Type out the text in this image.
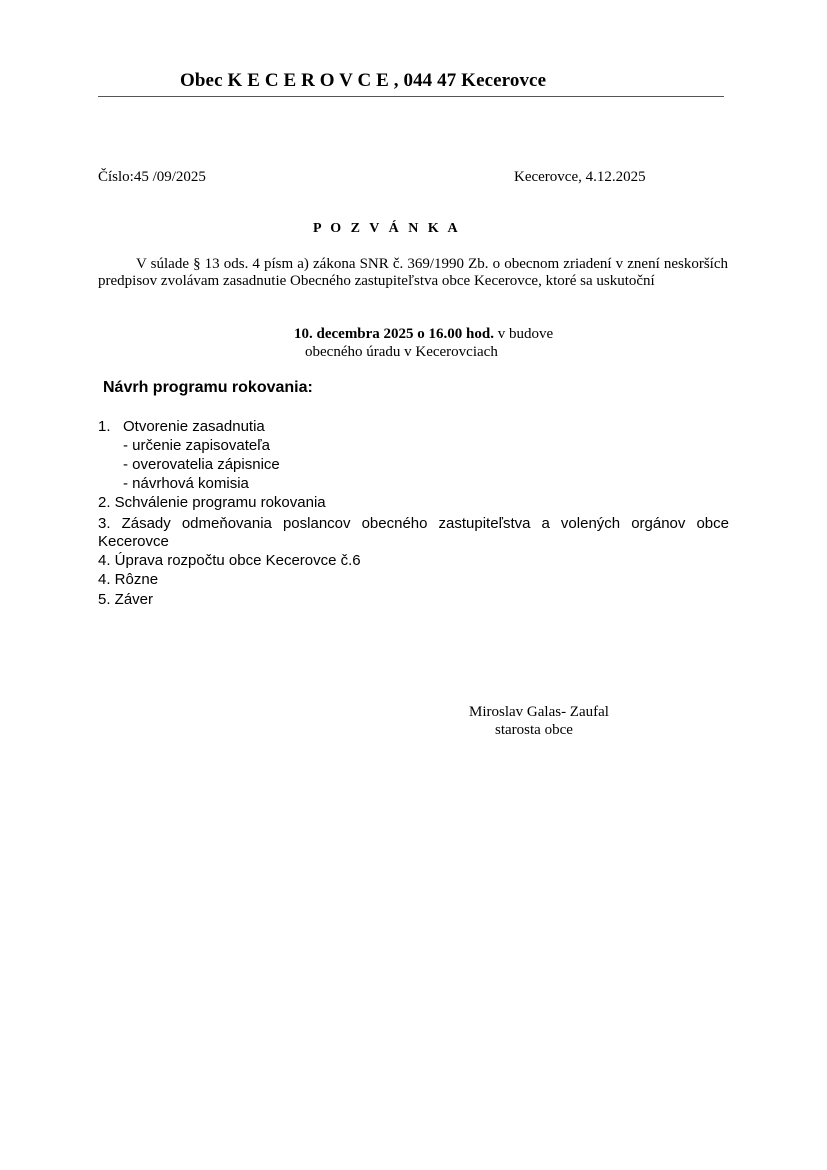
Obec K E C E R O V C E , 044 47 Kecerovce
Číslo:45 /09/2025	Kecerovce, 4.12.2025
P O Z V Á N K A
V súlade § 13 ods. 4 písm a) zákona SNR č. 369/1990 Zb. o obecnom zriadení v znení neskorších predpisov zvolávam zasadnutie Obecného zastupiteľstva obce Kecerovce, ktoré sa uskutoční
10. decembra 2025 o 16.00 hod. v budove
obecného úradu v Kecerovciach
Návrh programu rokovania:
1. Otvorenie zasadnutia
- určenie zapisovateľa
- overovatelia zápisnice
- návrhová komisia
2. Schválenie programu rokovania
3. Zásady odmeňovania poslancov obecného zastupiteľstva a volených orgánov obce
Kecerovce
4. Úprava rozpočtu obce Kecerovce č.6
4. Rôzne
5. Záver
Miroslav Galas- Zaufal
starosta obce
